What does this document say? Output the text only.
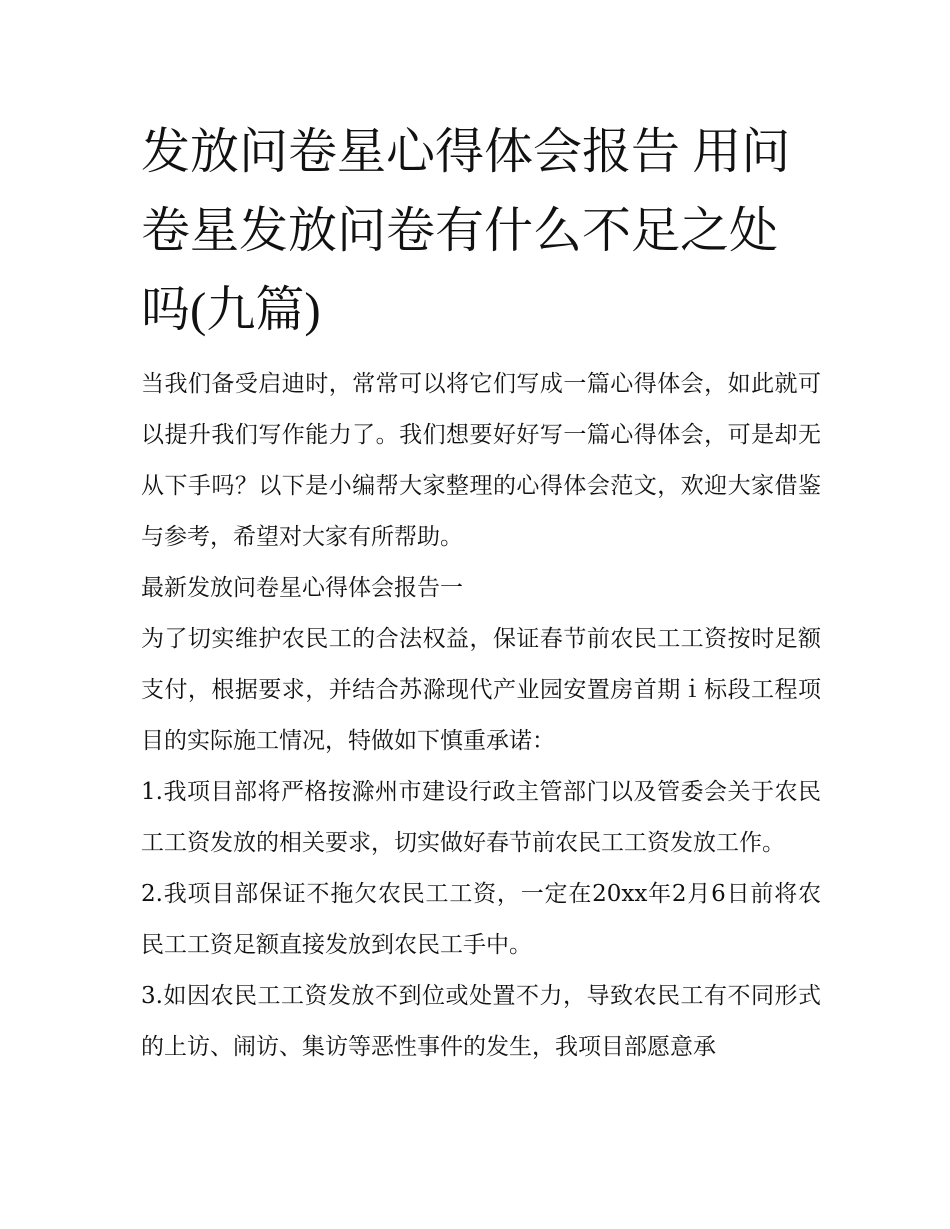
发放问卷星心得体会报告 用问卷星发放问卷有什么不足之处吗(九篇)

当我们备受启迪时，常常可以将它们写成一篇心得体会，如此就可以提升我们写作能力了。我们想要好好写一篇心得体会，可是却无从下手吗？以下是小编帮大家整理的心得体会范文，欢迎大家借鉴与参考，希望对大家有所帮助。

最新发放问卷星心得体会报告一

为了切实维护农民工的合法权益，保证春节前农民工工资按时足额支付，根据要求，并结合苏滁现代产业园安置房首期ｉ标段工程项目的实际施工情况，特做如下慎重承诺：

1.我项目部将严格按滁州市建设行政主管部门以及管委会关于农民工工资发放的相关要求，切实做好春节前农民工工资发放工作。

2.我项目部保证不拖欠农民工工资，一定在20xx年2月6日前将农民工工资足额直接发放到农民工手中。

3.如因农民工工资发放不到位或处置不力，导致农民工有不同形式的上访、闹访、集访等恶性事件的发生，我项目部愿意承
